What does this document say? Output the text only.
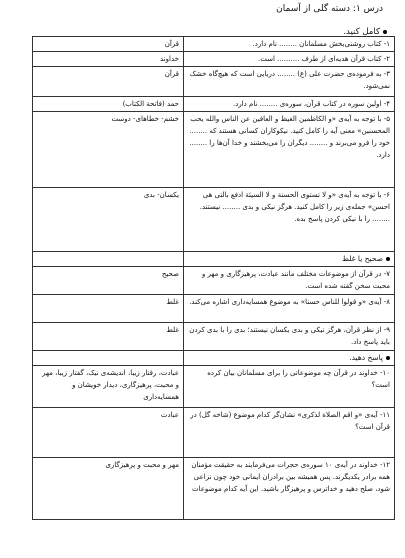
درس ۱: دسته گلی از آسمان
کامل کنید.
۱- کتاب روشنی‌بخش مسلمانان ........ نام دارد.	قرآن
۲- کتاب قرآن هدیه‌ای از طرف .......... است.	خداوند
۳- به فرموده‌ی حضرت علی (ع) ........ دریایی است که هیچ‌گاه خشک نمی‌شود.	قرآن
۴- اولین سوره در کتاب قرآن، سوره‌ی ........ نام دارد.	حمد (فاتحة الکتاب)
۵- با توجه به آیه‌ی «و الکاظمین الغیظ و العافین عن الناس والله یحب المحسنین» معنی آیه را کامل کنید. نیکوکاران کسانی هستند که ........ خود را فرو می‌برند و ........ دیگران را می‌بخشند و خدا آن‌ها را ........ دارد.	خشم- خطاهای- دوست
۶- با توجه به آیه‌ی «و لا تستوی الحسنة و لا السیئة ادفع بالتی هی احسن» جمله‌ی زیر را کامل کنید. هرگز نیکی و بدی ........ نیستند. ........ را با نیکی کردن پاسخ بده.	یکسان- بدی
صحیح یا غلط	
۷- در قرآن از موضوعات مختلف مانند عبادت، پرهیزگاری و مهر و محبت سخن گفته شده است.	صحیح
۸- آیه‌ی «و قولوا للناس حسنا» به موضوع همسایه‌داری اشاره می‌کند.	غلط
۹- از نظر قرآن، هرگز نیکی و بدی یکسان نیستند؛ بدی را با بدی کردن باید پاسخ داد.	غلط
پاسخ دهید.	
۱۰- خداوند در قرآن چه موضوعاتی را برای مسلمانان بیان کرده است؟	عبادت، رفتار زیبا، اندیشه‌ی نیک، گفتار زیبا، مهر و محبت، پرهیزگاری، دیدار خویشان و همسایه‌داری
۱۱- آیه‌ی «و اقم الصلاة لذکری» نشان‌گر کدام موضوع (شاخه گل) در قرآن است؟	عبادت
۱۲- خداوند در آیه‌ی ۱۰ سوره‌ی حجرات می‌فرمایند به حقیقت مؤمنان همه برادر یکدیگرند. پس همیشه بین برادران ایمانی خود چون نزاعی شود، صلح دهید و خداترس و پرهیزگار باشید. این آیه کدام موضوعات	مهر و محبت و پرهیزگاری
